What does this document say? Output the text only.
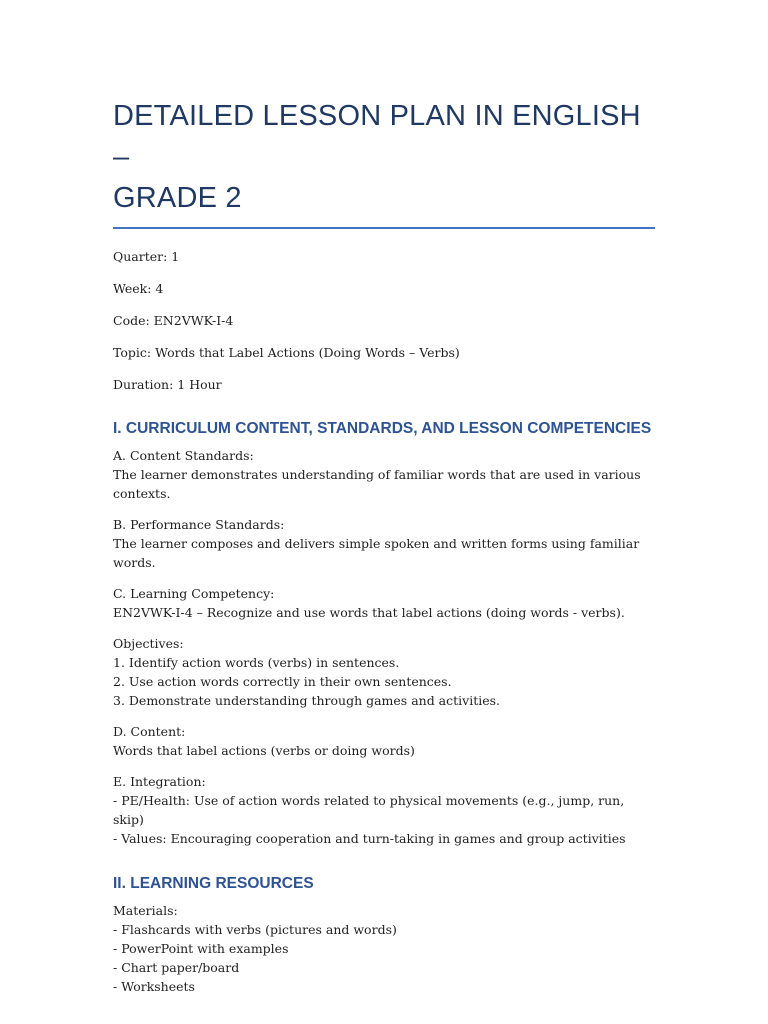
DETAILED LESSON PLAN IN ENGLISH –
GRADE 2

Quarter: 1

Week: 4

Code: EN2VWK-I-4

Topic: Words that Label Actions (Doing Words – Verbs)

Duration: 1 Hour

I. CURRICULUM CONTENT, STANDARDS, AND LESSON COMPETENCIES
A. Content Standards:
The learner demonstrates understanding of familiar words that are used in various
contexts.
B. Performance Standards:
The learner composes and delivers simple spoken and written forms using familiar words.
C. Learning Competency:
EN2VWK-I-4 – Recognize and use words that label actions (doing words - verbs).
Objectives:
1. Identify action words (verbs) in sentences.
2. Use action words correctly in their own sentences.
3. Demonstrate understanding through games and activities.
D. Content:
Words that label actions (verbs or doing words)
E. Integration:
- PE/Health: Use of action words related to physical movements (e.g., jump, run, skip)
- Values: Encouraging cooperation and turn-taking in games and group activities
II. LEARNING RESOURCES
Materials:
- Flashcards with verbs (pictures and words)
- PowerPoint with examples
- Chart paper/board
- Worksheets
